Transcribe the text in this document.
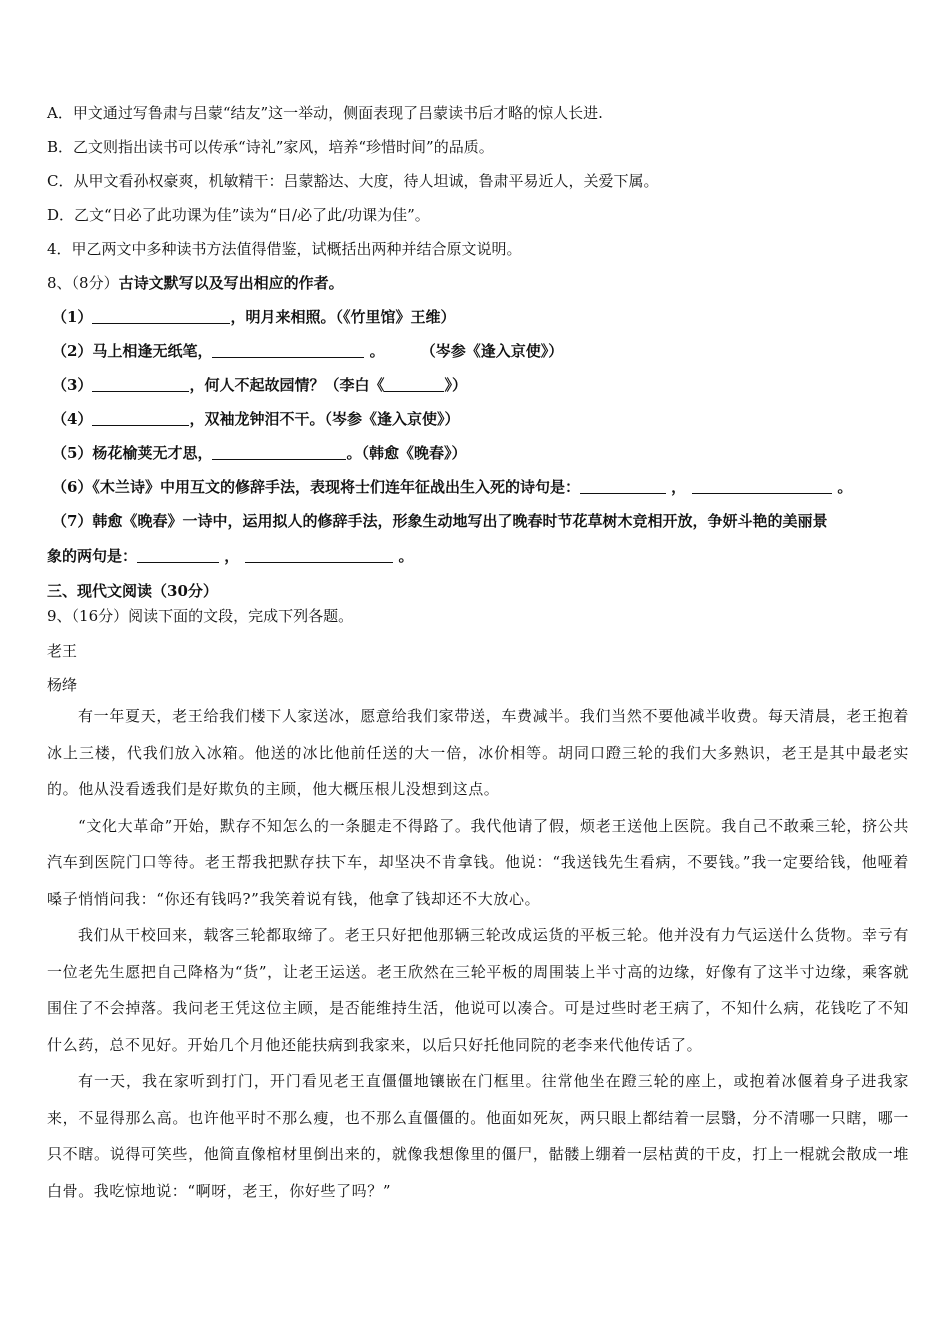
A．甲文通过写鲁肃与吕蒙“结友”这一举动，侧面表现了吕蒙读书后才略的惊人长进.
B．乙文则指出读书可以传承“诗礼”家风，培养“珍惜时间”的品质。
C．从甲文看孙权豪爽，机敏精干：吕蒙豁达、大度，待人坦诚，鲁肃平易近人，关爱下属。
D．乙文“日必了此功课为佳”读为“日/必了此/功课为佳”。
4．甲乙两文中多种读书方法值得借鉴，试概括出两种并结合原文说明。
8、（8分）古诗文默写以及写出相应的作者。
（1）	，明月来相照。（《竹里馆》王维）
（2）马上相逢无纸笔，	。 （岑参《逢入京使》）
（3）	，何人不起故园情？（李白《	》）
（4）	，双袖龙钟泪不干。（岑参《逢入京使》）
（5）杨花榆荚无才思，	。（韩愈《晚春》）
（6）《木兰诗》中用互文的修辞手法，表现将士们连年征战出生入死的诗句是：	，	。
（7）韩愈《晚春》一诗中，运用拟人的修辞手法，形象生动地写出了晚春时节花草树木竞相开放，争妍斗艳的美丽景
象的两句是：	，	。
三、现代文阅读（30分）
9、（16分）阅读下面的文段，完成下列各题。
老王
杨绛

有一年夏天，老王给我们楼下人家送冰，愿意给我们家带送，车费减半。我们当然不要他减半收费。每天清晨，老王抱着冰上三楼，代我们放入冰箱。他送的冰比他前任送的大一倍，冰价相等。胡同口蹬三轮的我们大多熟识，老王是其中最老实的。他从没看透我们是好欺负的主顾，他大概压根儿没想到这点。

“文化大革命”开始，默存不知怎么的一条腿走不得路了。我代他请了假，烦老王送他上医院。我自己不敢乘三轮，挤公共汽车到医院门口等待。老王帮我把默存扶下车，却坚决不肯拿钱。他说：“我送钱先生看病，不要钱。”我一定要给钱，他哑着嗓子悄悄问我：“你还有钱吗?”我笑着说有钱，他拿了钱却还不大放心。

我们从干校回来，载客三轮都取缔了。老王只好把他那辆三轮改成运货的平板三轮。他并没有力气运送什么货物。幸亏有一位老先生愿把自己降格为“货”，让老王运送。老王欣然在三轮平板的周围装上半寸高的边缘，好像有了这半寸边缘，乘客就围住了不会掉落。我问老王凭这位主顾，是否能维持生活，他说可以凑合。可是过些时老王病了，不知什么病，花钱吃了不知什么药，总不见好。开始几个月他还能扶病到我家来，以后只好托他同院的老李来代他传话了。

有一天，我在家听到打门，开门看见老王直僵僵地镶嵌在门框里。往常他坐在蹬三轮的座上，或抱着冰偃着身子进我家来，不显得那么高。也许他平时不那么瘦，也不那么直僵僵的。他面如死灰，两只眼上都结着一层翳，分不清哪一只瞎，哪一只不瞎。说得可笑些，他简直像棺材里倒出来的，就像我想像里的僵尸，骷髅上绷着一层枯黄的干皮，打上一棍就会散成一堆白骨。我吃惊地说：“啊呀，老王，你好些了吗？”
